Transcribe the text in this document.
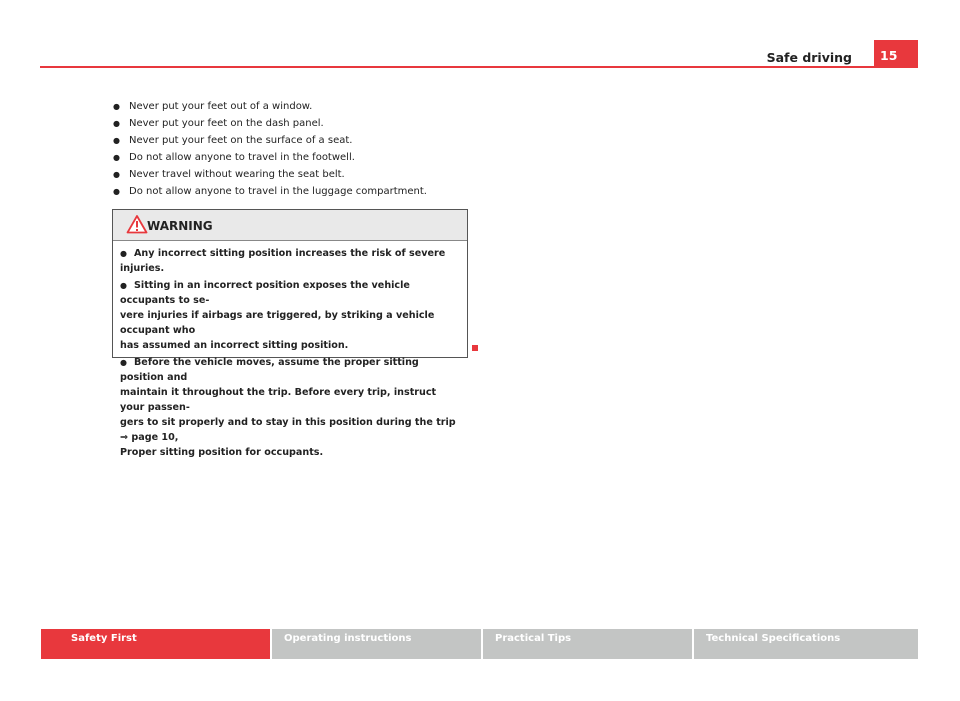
Safe driving	15
● Never put your feet out of a window.
● Never put your feet on the dash panel.
● Never put your feet on the surface of a seat.
● Do not allow anyone to travel in the footwell.
● Never travel without wearing the seat belt.
● Do not allow anyone to travel in the luggage compartment.
WARNING

● Any incorrect sitting position increases the risk of severe injuries.

● Sitting in an incorrect position exposes the vehicle occupants to se-
vere injuries if airbags are triggered, by striking a vehicle occupant who
has assumed an incorrect sitting position.

● Before the vehicle moves, assume the proper sitting position and
maintain it throughout the trip. Before every trip, instruct your passen-
gers to sit properly and to stay in this position during the trip ⇒ page 10,
Proper sitting position for occupants.

Safety First	Operating instructions	Practical Tips	Technical Specifications
